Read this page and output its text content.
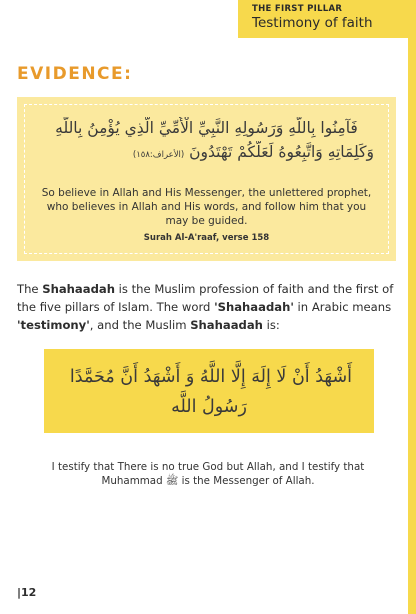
THE FIRST PILLAR
Testimony of faith
EVIDENCE:
فَآمِنُوا بِاللَّهِ وَرَسُولِهِ النَّبِيِّ الْأُمِّيِّ الَّذِي يُؤْمِنُ بِاللَّهِ
وَكَلِمَاتِهِ وَاتَّبِعُوهُ لَعَلَّكُمْ تَهْتَدُونَ (الأعراف:١٥٨)
So believe in Allah and His Messenger, the unlettered prophet, who believes in Allah and His words, and follow him that you may be guided.
Surah Al-A'raaf, verse 158
The Shahaadah is the Muslim profession of faith and the first of the five pillars of Islam. The word 'Shahaadah' in Arabic means 'testimony', and the Muslim Shahaadah is:
أَشْهَدُ أَنْ لَا إِلَهَ إِلَّا اللَّهُ وَ أَشْهَدُ أَنَّ مُحَمَّدًا
رَسُولُ اللَّه
I testify that There is no true God but Allah, and I testify that
Muhammad ﷺ is the Messenger of Allah.
|12
